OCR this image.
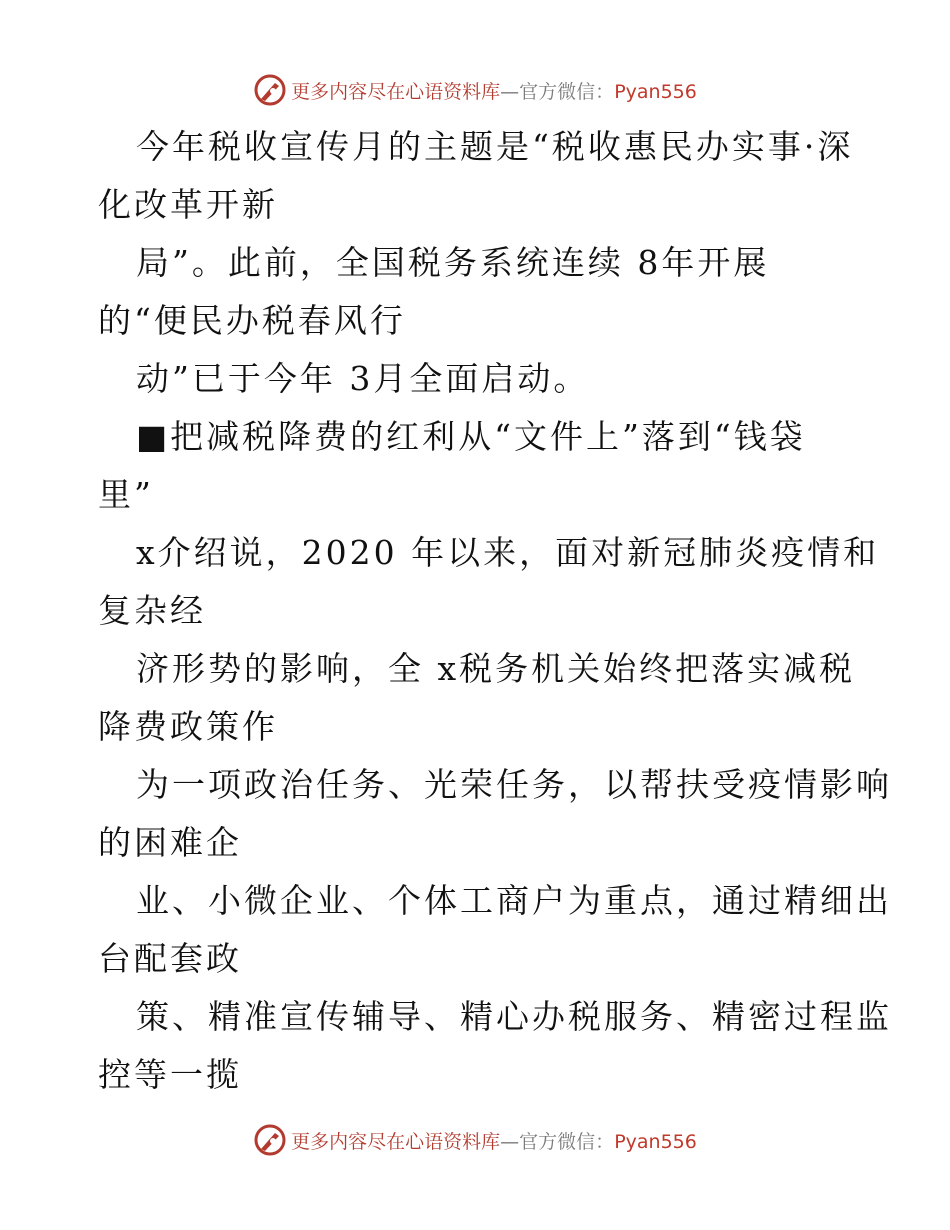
更多内容尽在心语资料库—官方微信：Pyan556
今年税收宣传月的主题是“税收惠民办实事·深
化改革开新
局”。此前，全国税务系统连续 8年开展
的“便民办税春风行
动”已于今年 3月全面启动。
■把减税降费的红利从“文件上”落到“钱袋
里”
x介绍说，2020 年以来，面对新冠肺炎疫情和
复杂经
济形势的影响，全 x税务机关始终把落实减税
降费政策作
为一项政治任务、光荣任务，以帮扶受疫情影响
的困难企
业、小微企业、个体工商户为重点，通过精细出
台配套政
策、精准宣传辅导、精心办税服务、精密过程监
控等一揽
更多内容尽在心语资料库—官方微信：Pyan556
